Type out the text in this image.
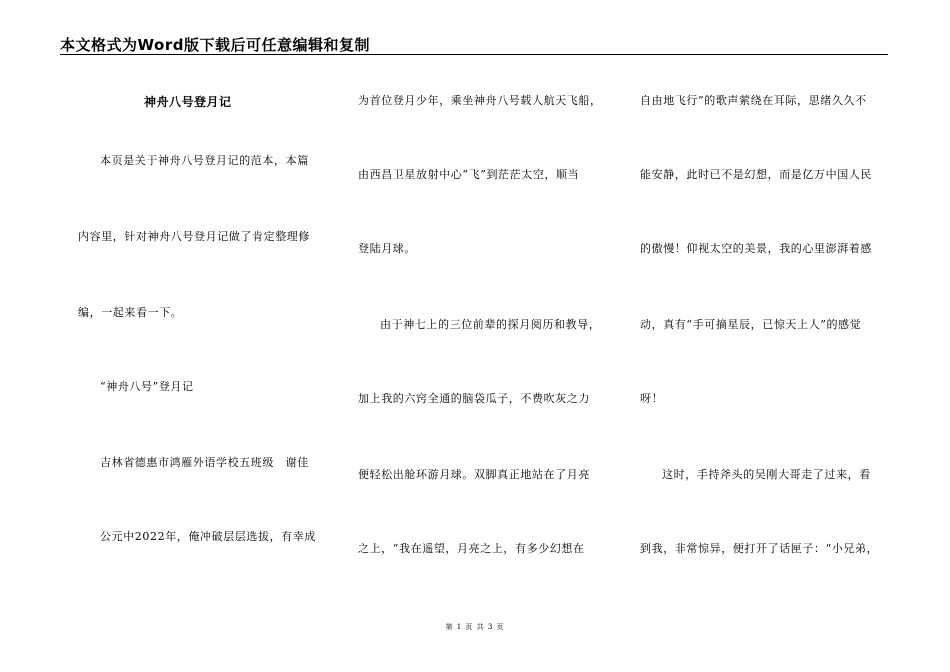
本文格式为Word版下载后可任意编辑和复制
神舟八号登月记
本页是关于神舟八号登月记的范本，本篇
内容里，针对神舟八号登月记做了肯定整理修
编，一起来看一下。
“神舟八号”登月记
吉林省德惠市鸿雁外语学校五班级　谢佳
公元中2022年，俺冲破层层选拔，有幸成
为首位登月少年，乘坐神舟八号载人航天飞船，
由西昌卫星放射中心“飞”到茫茫太空，顺当
登陆月球。
由于神七上的三位前辈的探月阅历和教导，
加上我的六窍全通的脑袋瓜子，不费吹灰之力
便轻松出舱环游月球。双脚真正地站在了月亮
之上，“我在遥望，月亮之上，有多少幻想在
自由地飞行”的歌声萦绕在耳际，思绪久久不
能安静，此时已不是幻想，而是亿万中国人民
的傲慢！仰视太空的美景，我的心里澎湃着感
动，真有“手可摘星辰，已惊天上人”的感觉
呀！
这时，手持斧头的吴刚大哥走了过来，看
到我，非常惊异，便打开了话匣子：“小兄弟，
第 1 页 共 3 页
